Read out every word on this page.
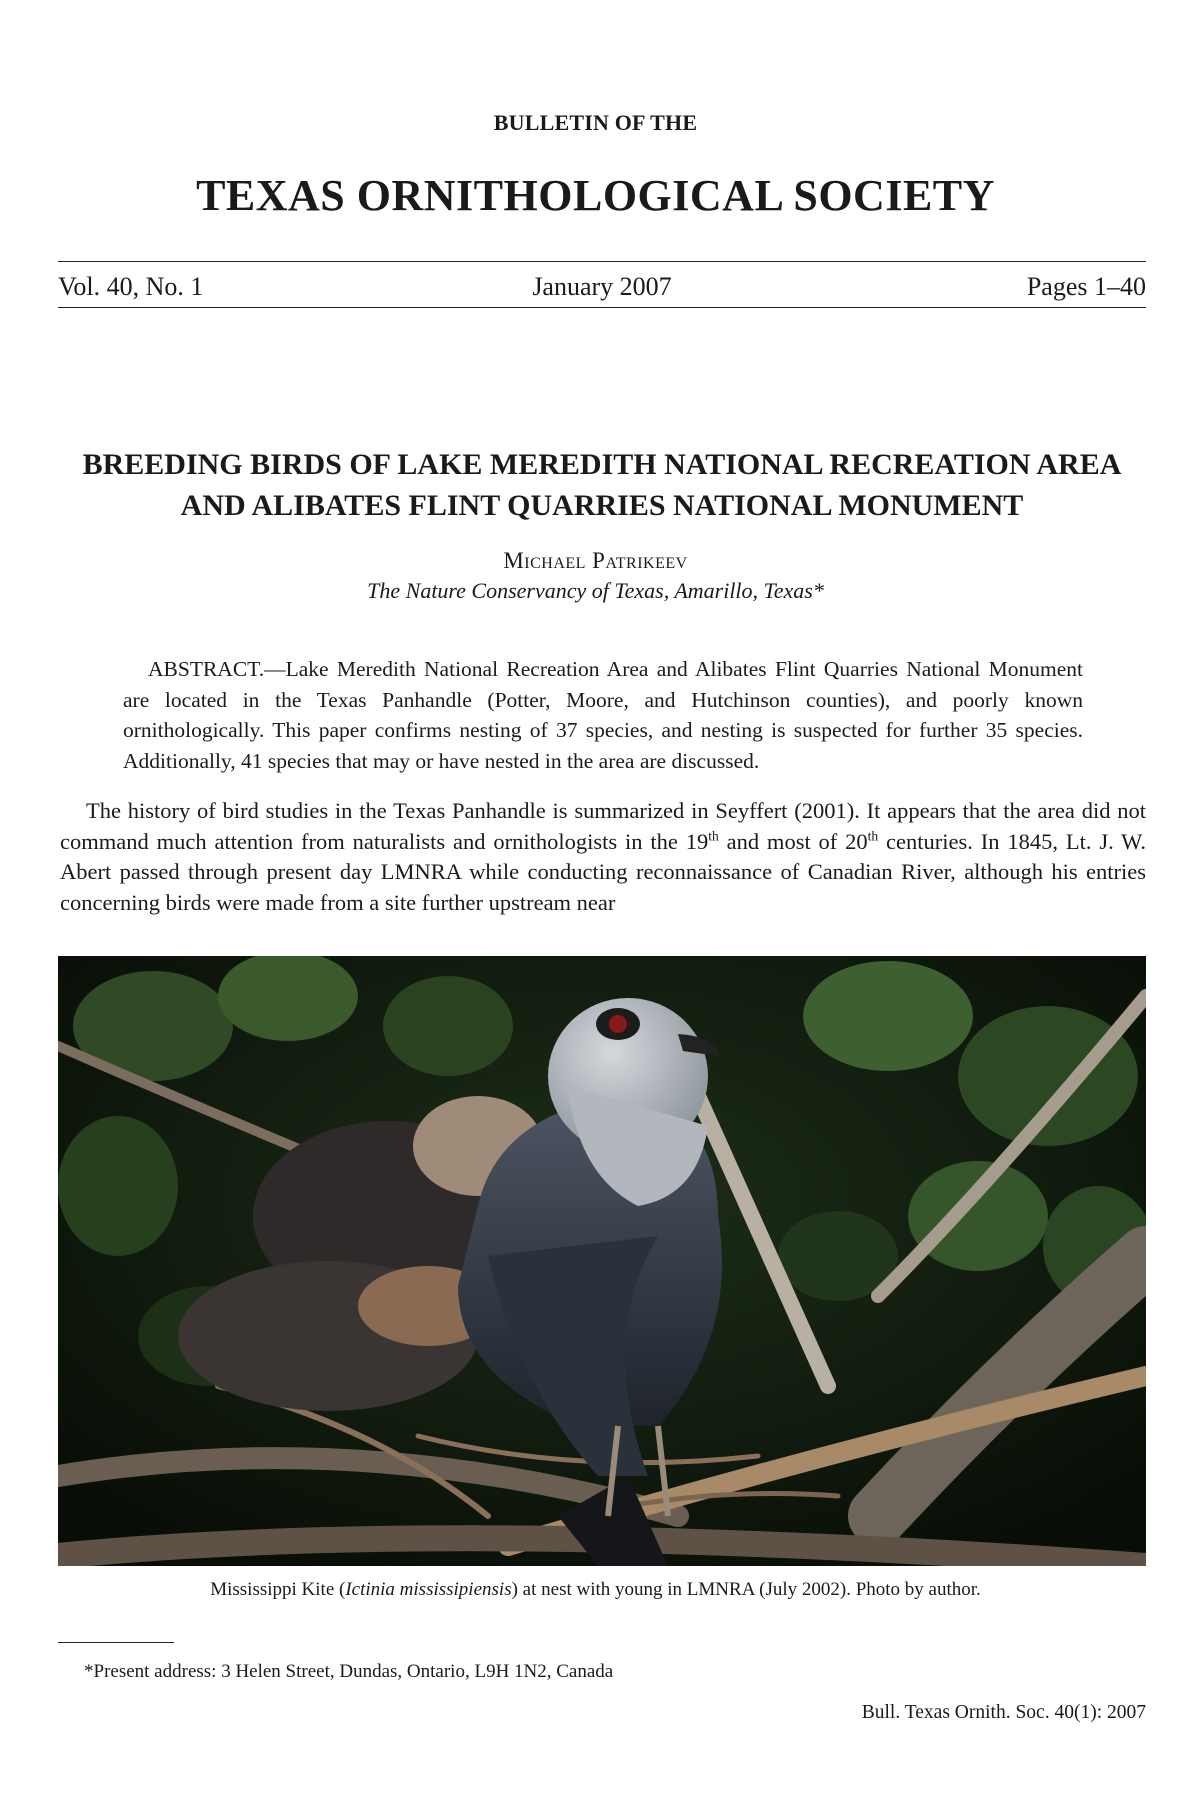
BULLETIN OF THE
TEXAS ORNITHOLOGICAL SOCIETY
Vol. 40, No. 1	January 2007	Pages 1–40
BREEDING BIRDS OF LAKE MEREDITH NATIONAL RECREATION AREA AND ALIBATES FLINT QUARRIES NATIONAL MONUMENT
Michael Patrikeev
The Nature Conservancy of Texas, Amarillo, Texas*
ABSTRACT.—Lake Meredith National Recreation Area and Alibates Flint Quarries National Monument are located in the Texas Panhandle (Potter, Moore, and Hutchinson counties), and poorly known ornithologically. This paper confirms nesting of 37 species, and nesting is suspected for further 35 species. Additionally, 41 species that may or have nested in the area are discussed.
The history of bird studies in the Texas Panhandle is summarized in Seyffert (2001). It appears that the area did not command much attention from naturalists and ornithologists in the 19th and most of 20th centuries. In 1845, Lt. J. W. Abert passed through present day LMNRA while conducting reconnaissance of Canadian River, although his entries concerning birds were made from a site further upstream near
Mississippi Kite (Ictinia mississipiensis) at nest with young in LMNRA (July 2002). Photo by author.
*Present address: 3 Helen Street, Dundas, Ontario, L9H 1N2, Canada
Bull. Texas Ornith. Soc. 40(1): 2007
